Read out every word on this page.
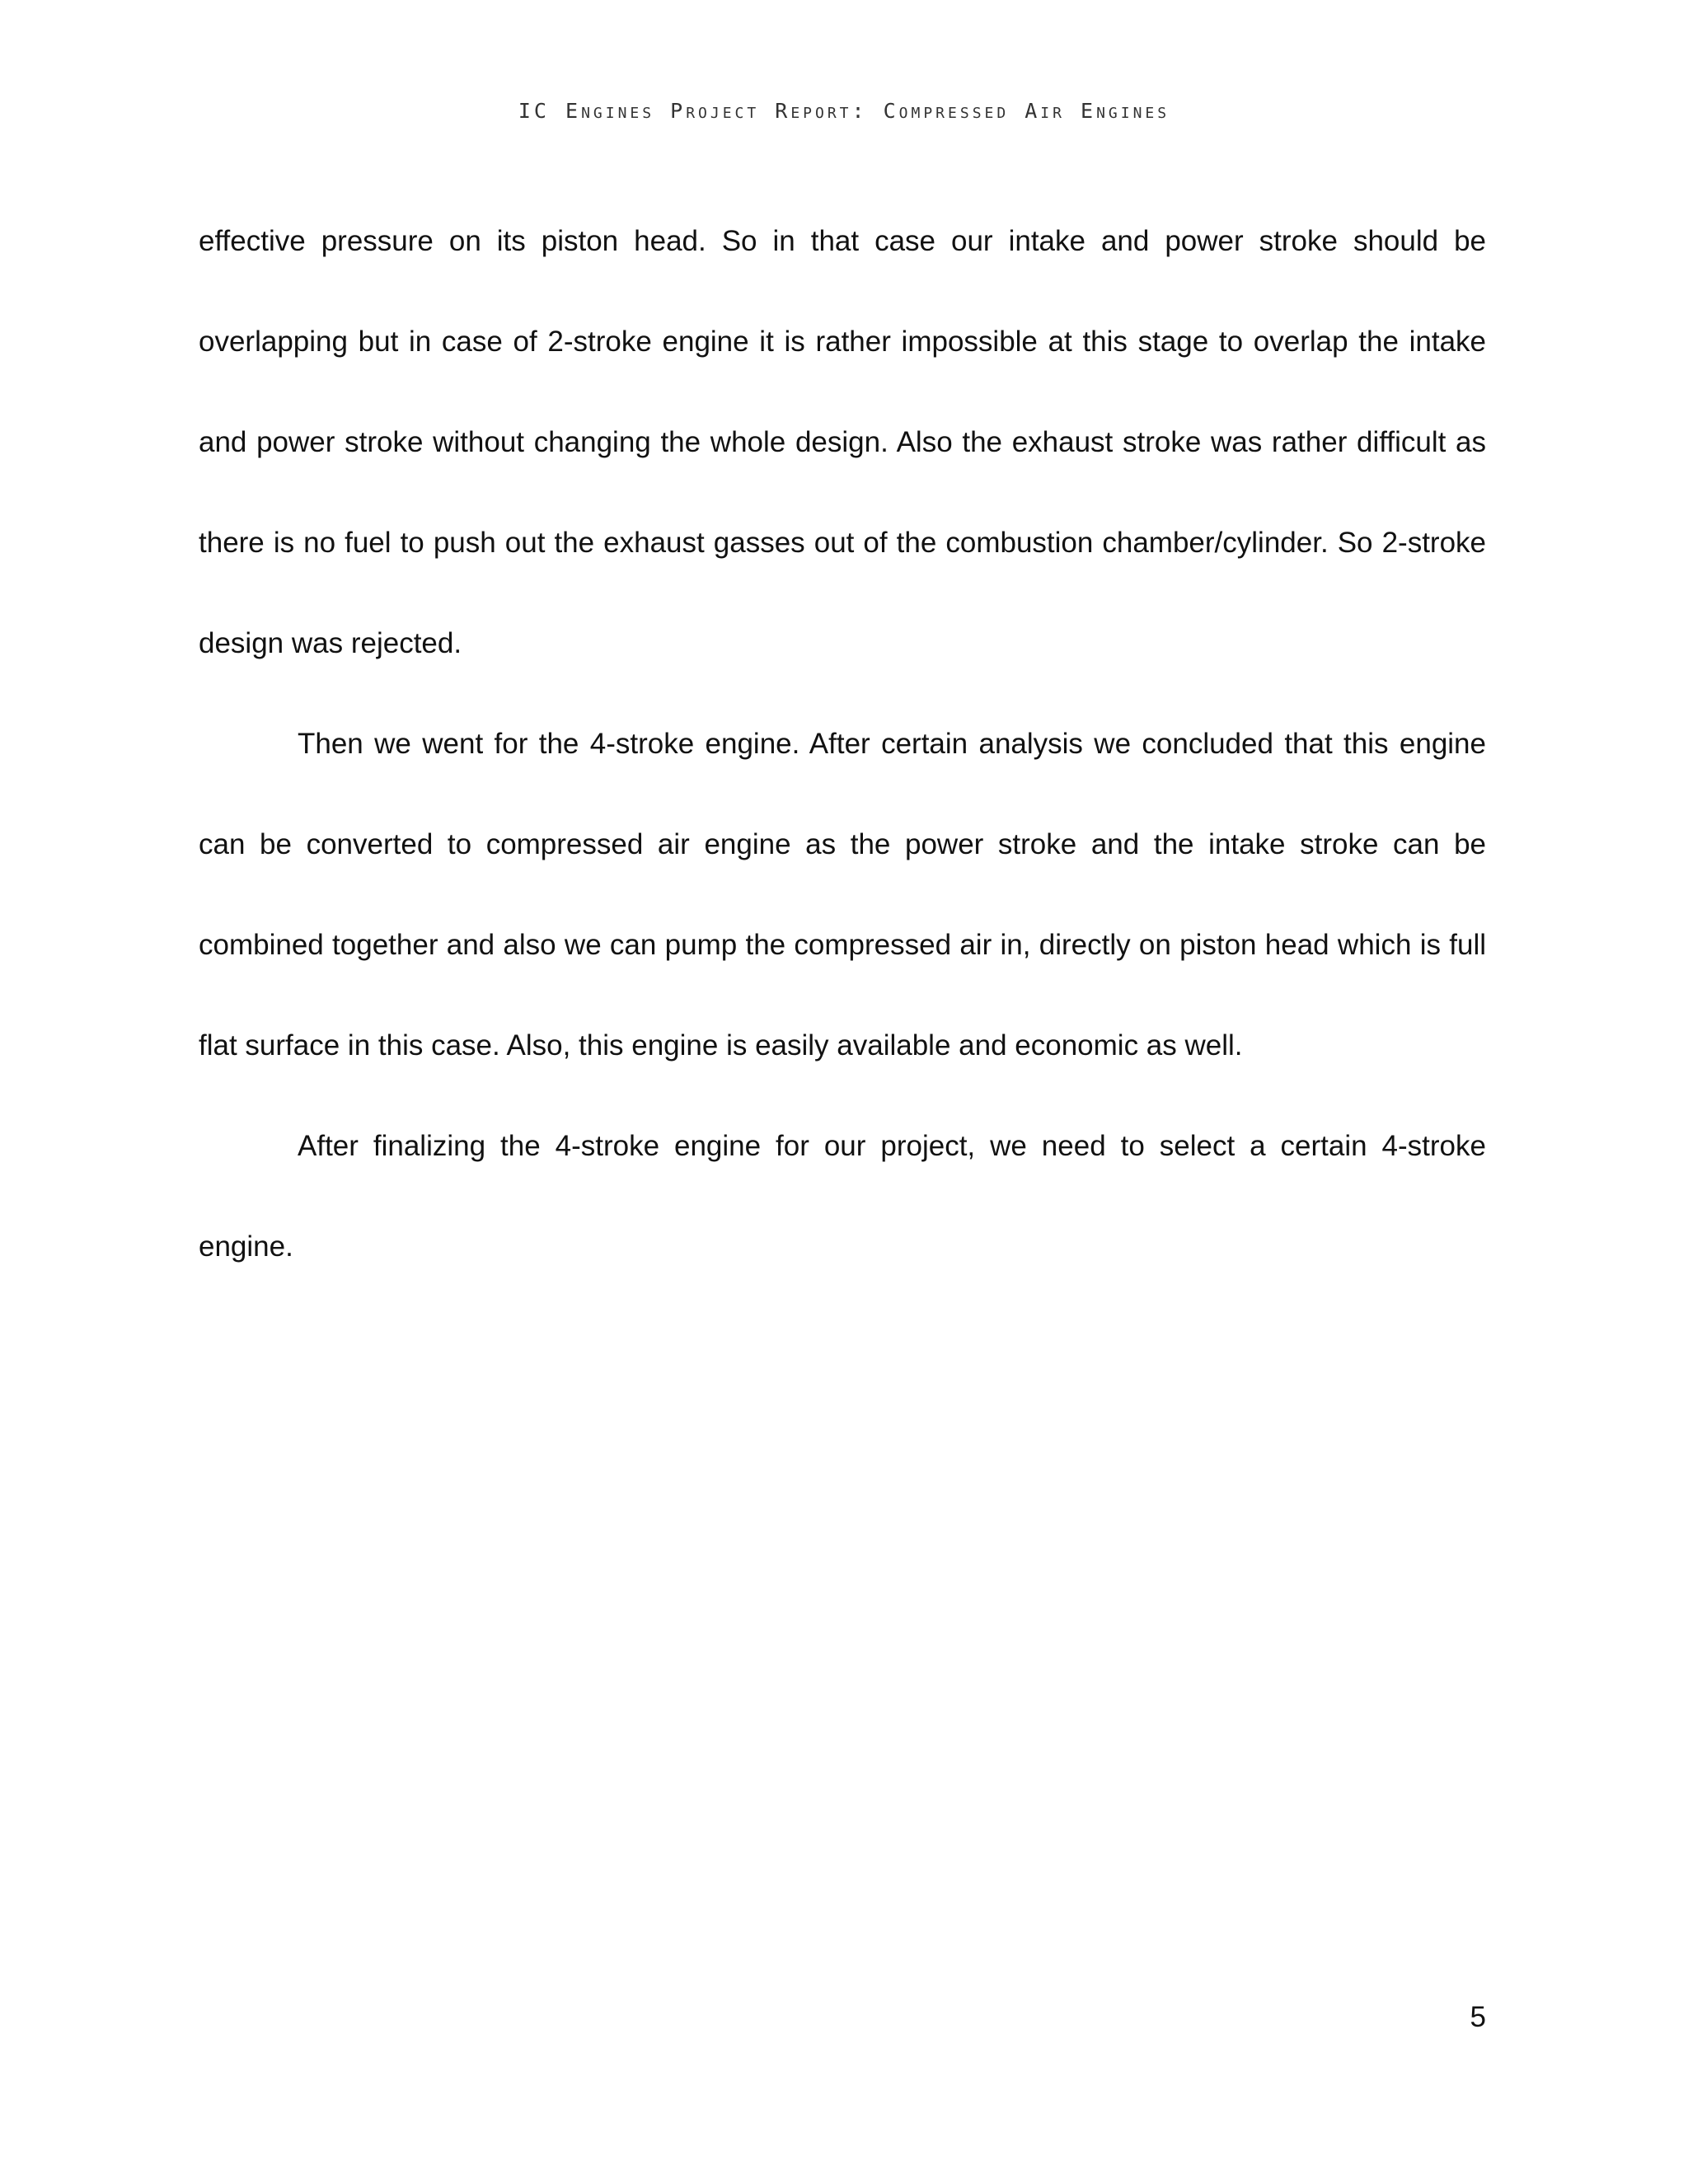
IC Engines Project Report: Compressed Air Engines

effective pressure on its piston head. So in that case our intake and power stroke should be overlapping but in case of 2-stroke engine it is rather impossible at this stage to overlap the intake and power stroke without changing the whole design. Also the exhaust stroke was rather difficult as there is no fuel to push out the exhaust gasses out of the combustion chamber/cylinder. So 2-stroke design was rejected.

Then we went for the 4-stroke engine. After certain analysis we concluded that this engine can be converted to compressed air engine as the power stroke and the intake stroke can be combined together and also we can pump the compressed air in, directly on piston head which is full flat surface in this case. Also, this engine is easily available and economic as well.

After finalizing the 4-stroke engine for our project, we need to select a certain 4-stroke engine.

5
